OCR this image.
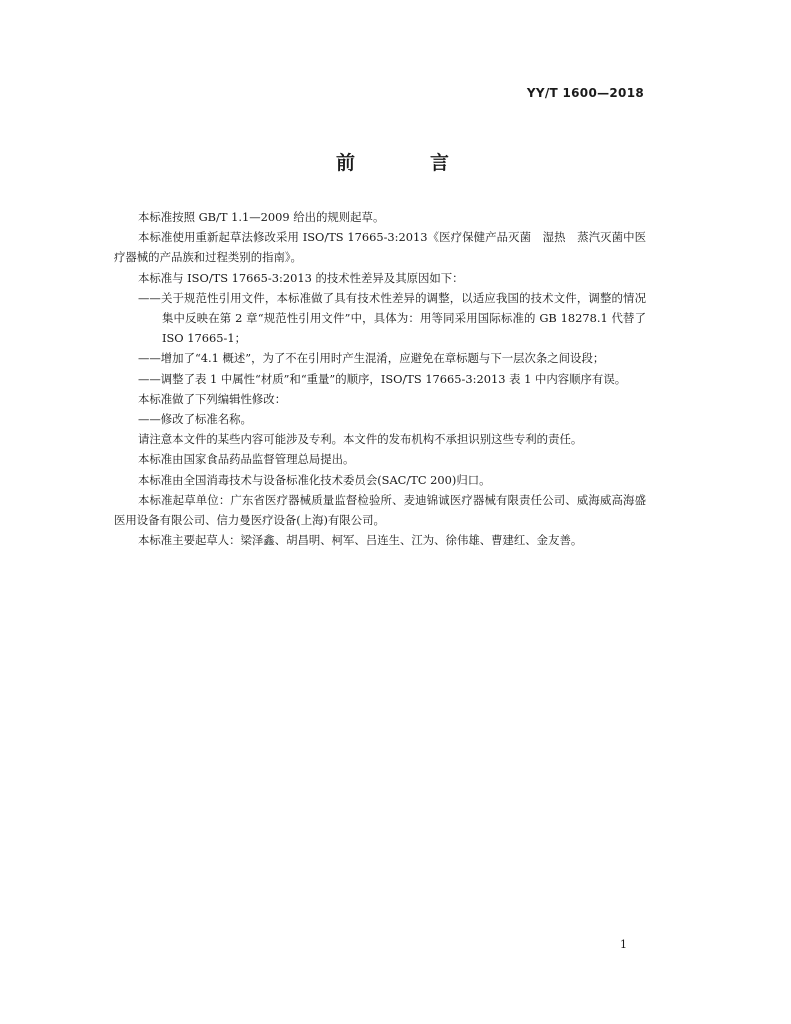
YY/T 1600—2018
前　言

本标准按照 GB/T 1.1—2009 给出的规则起草。

本标准使用重新起草法修改采用 ISO/TS 17665-3:2013《医疗保健产品灭菌　湿热　蒸汽灭菌中医疗器械的产品族和过程类别的指南》。

本标准与 ISO/TS 17665-3:2013 的技术性差异及其原因如下：

——关于规范性引用文件，本标准做了具有技术性差异的调整，以适应我国的技术文件，调整的情况集中反映在第 2 章“规范性引用文件”中，具体为：用等同采用国际标准的 GB 18278.1 代替了 ISO 17665-1；

——增加了“4.1 概述”，为了不在引用时产生混淆，应避免在章标题与下一层次条之间设段；

——调整了表 1 中属性“材质”和“重量”的顺序，ISO/TS 17665-3:2013 表 1 中内容顺序有误。

本标准做了下列编辑性修改：

——修改了标准名称。

请注意本文件的某些内容可能涉及专利。本文件的发布机构不承担识别这些专利的责任。

本标准由国家食品药品监督管理总局提出。

本标准由全国消毒技术与设备标准化技术委员会(SAC/TC 200)归口。

本标准起草单位：广东省医疗器械质量监督检验所、麦迪锦诚医疗器械有限责任公司、威海威高海盛医用设备有限公司、信力曼医疗设备(上海)有限公司。

本标准主要起草人：梁泽鑫、胡昌明、柯军、吕连生、江为、徐伟雄、曹建红、金友善。

1
